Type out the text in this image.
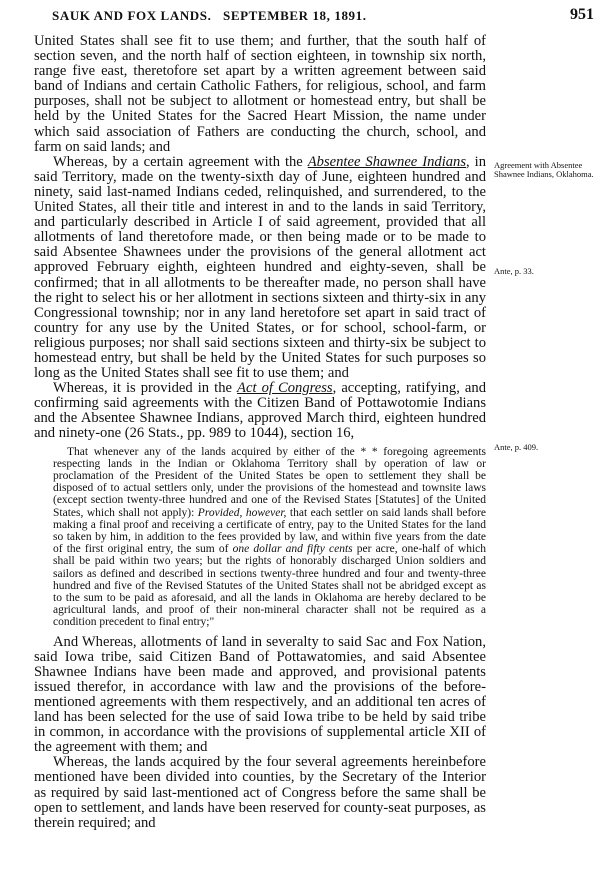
SAUK AND FOX LANDS.   SEPTEMBER 18, 1891.	951

United States shall see fit to use them; and further, that the south half of section seven, and the north half of section eighteen, in township six north, range five east, theretofore set apart by a written agreement between said band of Indians and certain Catholic Fathers, for religious, school, and farm purposes, shall not be subject to allotment or homestead entry, but shall be held by the United States for the Sacred Heart Mission, the name under which said association of Fathers are conducting the church, school, and farm on said lands; and

Whereas, by a certain agreement with the Absentee Shawnee Indians, in said Territory, made on the twenty-sixth day of June, eighteen hundred and ninety, said last-named Indians ceded, relinquished, and surrendered, to the United States, all their title and interest in and to the lands in said Territory, and particularly described in Article I of said agreement, provided that all allotments of land theretofore made, or then being made or to be made to said Absentee Shawnees under the provisions of the general allotment act approved February eighth, eighteen hundred and eighty-seven, shall be confirmed; that in all allotments to be thereafter made, no person shall have the right to select his or her allotment in sections sixteen and thirty-six in any Congressional township; nor in any land heretofore set apart in said tract of country for any use by the United States, or for school, school-farm, or religious purposes; nor shall said sections sixteen and thirty-six be subject to homestead entry, but shall be held by the United States for such purposes so long as the United States shall see fit to use them; and

Whereas, it is provided in the Act of Congress, accepting, ratifying, and confirming said agreements with the Citizen Band of Pottawotomie Indians and the Absentee Shawnee Indians, approved March third, eighteen hundred and ninety-one (26 Stats., pp. 989 to 1044), section 16,

That whenever any of the lands acquired by either of the * * foregoing agreements respecting lands in the Indian or Oklahoma Territory shall by operation of law or proclamation of the President of the United States be open to settlement they shall be disposed of to actual settlers only, under the provisions of the homestead and townsite laws (except section twenty-three hundred and one of the Revised States [Statutes] of the United States, which shall not apply): Provided, however, that each settler on said lands shall before making a final proof and receiving a certificate of entry, pay to the United States for the land so taken by him, in addition to the fees provided by law, and within five years from the date of the first original entry, the sum of one dollar and fifty cents per acre, one-half of which shall be paid within two years; but the rights of honorably discharged Union soldiers and sailors as defined and described in sections twenty-three hundred and four and twenty-three hundred and five of the Revised Statutes of the United States shall not be abridged except as to the sum to be paid as aforesaid, and all the lands in Oklahoma are hereby declared to be agricultural lands, and proof of their non-mineral character shall not be required as a condition precedent to final entry;"

And Whereas, allotments of land in severalty to said Sac and Fox Nation, said Iowa tribe, said Citizen Band of Pottawatomies, and said Absentee Shawnee Indians have been made and approved, and provisional patents issued therefor, in accordance with law and the provisions of the before-mentioned agreements with them respectively, and an additional ten acres of land has been selected for the use of said Iowa tribe to be held by said tribe in common, in accordance with the provisions of supplemental article XII of the agreement with them; and

Whereas, the lands acquired by the four several agreements hereinbefore mentioned have been divided into counties, by the Secretary of the Interior as required by said last-mentioned act of Congress before the same shall be open to settlement, and lands have been reserved for county-seat purposes, as therein required; and

Agreement with Absentee Shawnee Indians, Oklahoma.
Ante, p. 33.
Ante, p. 409.
